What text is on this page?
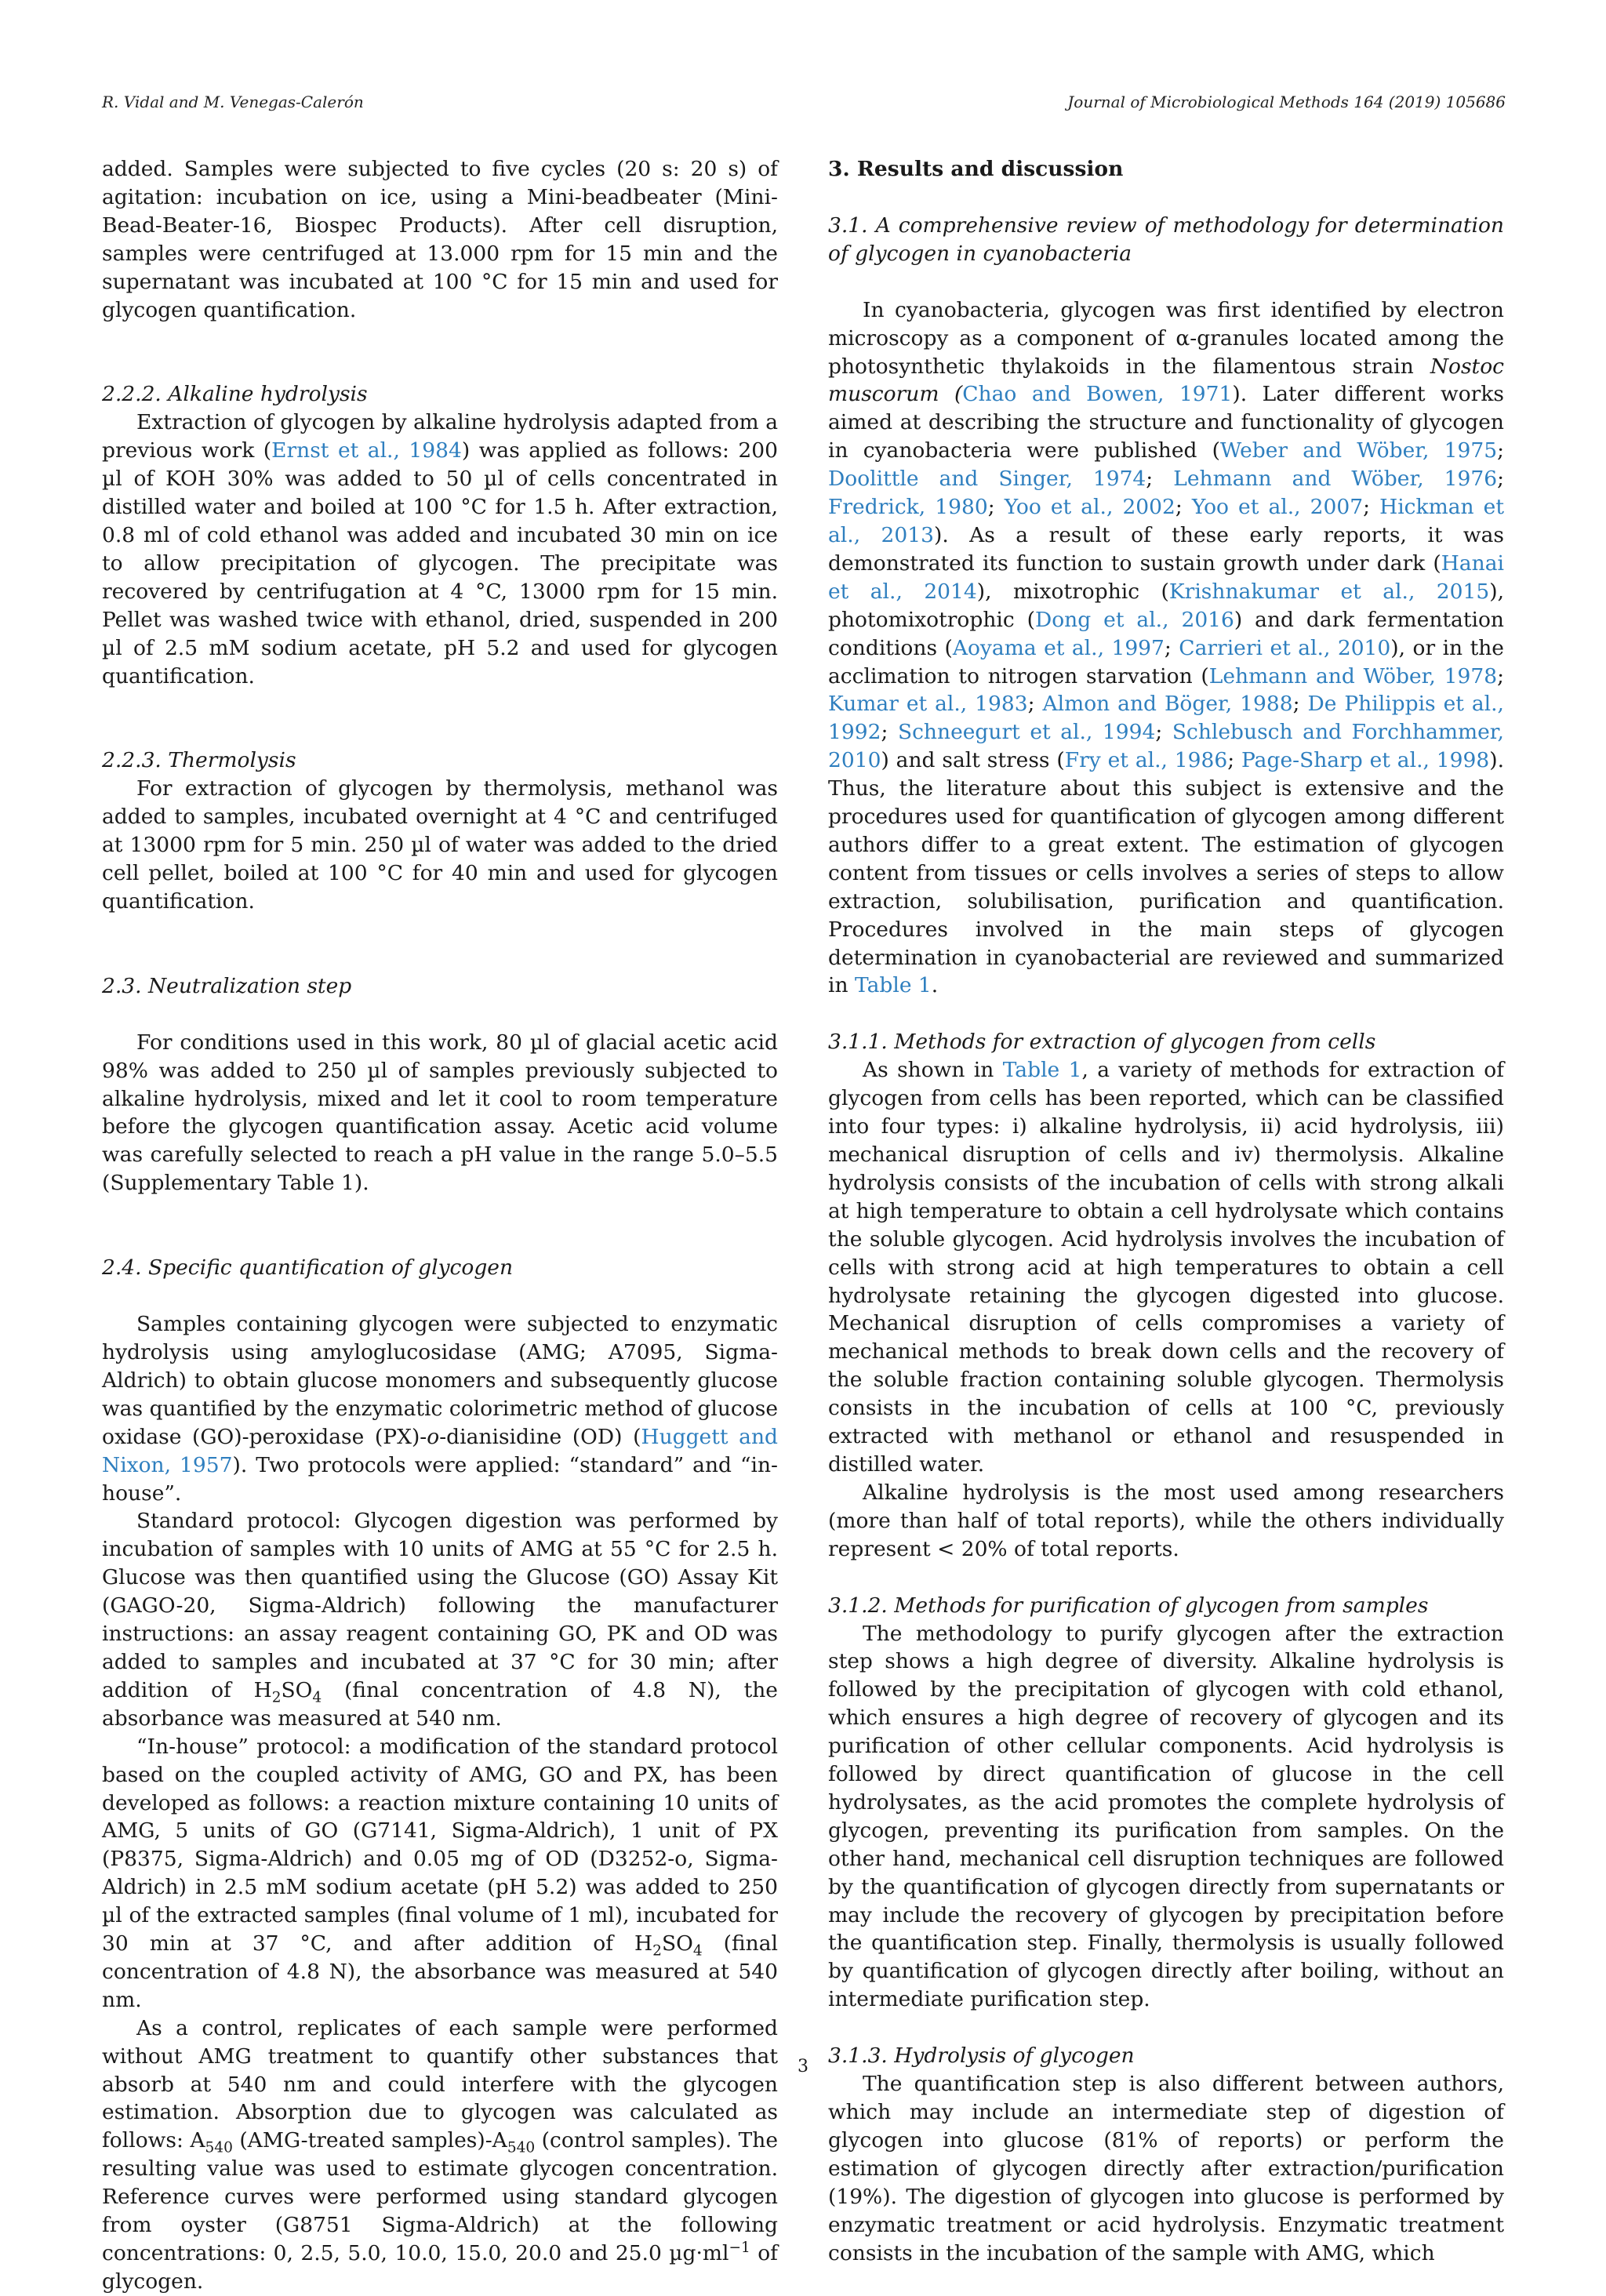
R. Vidal and M. Venegas-Calerón	Journal of Microbiological Methods 164 (2019) 105686

added. Samples were subjected to five cycles (20 s: 20 s) of agitation: incubation on ice, using a Mini-beadbeater (Mini-Bead-Beater-16, Biospec Products). After cell disruption, samples were centrifuged at 13.000 rpm for 15 min and the supernatant was incubated at 100 °C for 15 min and used for glycogen quantification.

2.2.2. Alkaline hydrolysis

Extraction of glycogen by alkaline hydrolysis adapted from a previous work (Ernst et al., 1984) was applied as follows: 200 µl of KOH 30% was added to 50 µl of cells concentrated in distilled water and boiled at 100 °C for 1.5 h. After extraction, 0.8 ml of cold ethanol was added and incubated 30 min on ice to allow precipitation of glycogen. The precipitate was recovered by centrifugation at 4 °C, 13000 rpm for 15 min. Pellet was washed twice with ethanol, dried, suspended in 200 µl of 2.5 mM sodium acetate, pH 5.2 and used for glycogen quantification.

2.2.3. Thermolysis

For extraction of glycogen by thermolysis, methanol was added to samples, incubated overnight at 4 °C and centrifuged at 13000 rpm for 5 min. 250 µl of water was added to the dried cell pellet, boiled at 100 °C for 40 min and used for glycogen quantification.

2.3. Neutralization step

For conditions used in this work, 80 µl of glacial acetic acid 98% was added to 250 µl of samples previously subjected to alkaline hydrolysis, mixed and let it cool to room temperature before the glycogen quantification assay. Acetic acid volume was carefully selected to reach a pH value in the range 5.0–5.5 (Supplementary Table 1).

2.4. Specific quantification of glycogen

Samples containing glycogen were subjected to enzymatic hydrolysis using amyloglucosidase (AMG; A7095, Sigma-Aldrich) to obtain glucose monomers and subsequently glucose was quantified by the enzymatic colorimetric method of glucose oxidase (GO)-peroxidase (PX)-o-dianisidine (OD) (Huggett and Nixon, 1957). Two protocols were applied: “standard” and “in-house”.

Standard protocol: Glycogen digestion was performed by incubation of samples with 10 units of AMG at 55 °C for 2.5 h. Glucose was then quantified using the Glucose (GO) Assay Kit (GAGO-20, Sigma-Aldrich) following the manufacturer instructions: an assay reagent containing GO, PK and OD was added to samples and incubated at 37 °C for 30 min; after addition of $H_2SO_4$ (final concentration of 4.8 N), the absorbance was measured at 540 nm.

“In-house” protocol: a modification of the standard protocol based on the coupled activity of AMG, GO and PX, has been developed as follows: a reaction mixture containing 10 units of AMG, 5 units of GO (G7141, Sigma-Aldrich), 1 unit of PX (P8375, Sigma-Aldrich) and 0.05 mg of OD (D3252-o, Sigma-Aldrich) in 2.5 mM sodium acetate (pH 5.2) was added to 250 µl of the extracted samples (final volume of 1 ml), incubated for 30 min at 37 °C, and after addition of $H_2SO_4$ (final concentration of 4.8 N), the absorbance was measured at 540 nm.

As a control, replicates of each sample were performed without AMG treatment to quantify other substances that absorb at 540 nm and could interfere with the glycogen estimation. Absorption due to glycogen was calculated as follows: $A_{540}$ (AMG-treated $samples)-A_{540}$ (control samples). The resulting value was used to estimate glycogen concentration. Reference curves were performed using standard glycogen from oyster (G8751 Sigma-Aldrich) at the following concentrations: 0, 2.5, 5.0, 10.0, 15.0, 20.0 and 25.0 $\mu g\cdot ml^{-1}$ of glycogen.

3. Results and discussion

3.1. A comprehensive review of methodology for determination of glycogen in cyanobacteria

In cyanobacteria, glycogen was first identified by electron microscopy as a component of α-granules located among the photosynthetic thylakoids in the filamentous strain Nostoc muscorum (Chao and Bowen, 1971). Later different works aimed at describing the structure and functionality of glycogen in cyanobacteria were published (Weber and Wöber, 1975; Doolittle and Singer, 1974; Lehmann and Wöber, 1976; Fredrick, 1980; Yoo et al., 2002; Yoo et al., 2007; Hickman et al., 2013). As a result of these early reports, it was demonstrated its function to sustain growth under dark (Hanai et al., 2014), mixotrophic (Krishnakumar et al., 2015), photomixotrophic (Dong et al., 2016) and dark fermentation conditions (Aoyama et al., 1997; Carrieri et al., 2010), or in the acclimation to nitrogen starvation (Lehmann and Wöber, 1978; Kumar et al., 1983; Almon and Böger, 1988; De Philippis et al., 1992; Schneegurt et al., 1994; Schlebusch and Forchhammer, 2010) and salt stress (Fry et al., 1986; Page-Sharp et al., 1998). Thus, the literature about this subject is extensive and the procedures used for quantification of glycogen among different authors differ to a great extent. The estimation of glycogen content from tissues or cells involves a series of steps to allow extraction, solubilisation, purification and quantification. Procedures involved in the main steps of glycogen determination in cyanobacterial are reviewed and summarized in Table 1.

3.1.1. Methods for extraction of glycogen from cells

As shown in Table 1, a variety of methods for extraction of glycogen from cells has been reported, which can be classified into four types: i) alkaline hydrolysis, ii) acid hydrolysis, iii) mechanical disruption of cells and iv) thermolysis. Alkaline hydrolysis consists of the incubation of cells with strong alkali at high temperature to obtain a cell hydrolysate which contains the soluble glycogen. Acid hydrolysis involves the incubation of cells with strong acid at high temperatures to obtain a cell hydrolysate retaining the glycogen digested into glucose. Mechanical disruption of cells compromises a variety of mechanical methods to break down cells and the recovery of the soluble fraction containing soluble glycogen. Thermolysis consists in the incubation of cells at 100 °C, previously extracted with methanol or ethanol and resuspended in distilled water.

Alkaline hydrolysis is the most used among researchers (more than half of total reports), while the others individually represent < 20% of total reports.

3.1.2. Methods for purification of glycogen from samples

The methodology to purify glycogen after the extraction step shows a high degree of diversity. Alkaline hydrolysis is followed by the precipitation of glycogen with cold ethanol, which ensures a high degree of recovery of glycogen and its purification of other cellular components. Acid hydrolysis is followed by direct quantification of glucose in the cell hydrolysates, as the acid promotes the complete hydrolysis of glycogen, preventing its purification from samples. On the other hand, mechanical cell disruption techniques are followed by the quantification of glycogen directly from supernatants or may include the recovery of glycogen by precipitation before the quantification step. Finally, thermolysis is usually followed by quantification of glycogen directly after boiling, without an intermediate purification step.

3.1.3. Hydrolysis of glycogen

The quantification step is also different between authors, which may include an intermediate step of digestion of glycogen into glucose (81% of reports) or perform the estimation of glycogen directly after extraction/purification (19%). The digestion of glycogen into glucose is performed by enzymatic treatment or acid hydrolysis. Enzymatic treatment consists in the incubation of the sample with AMG, which

3
